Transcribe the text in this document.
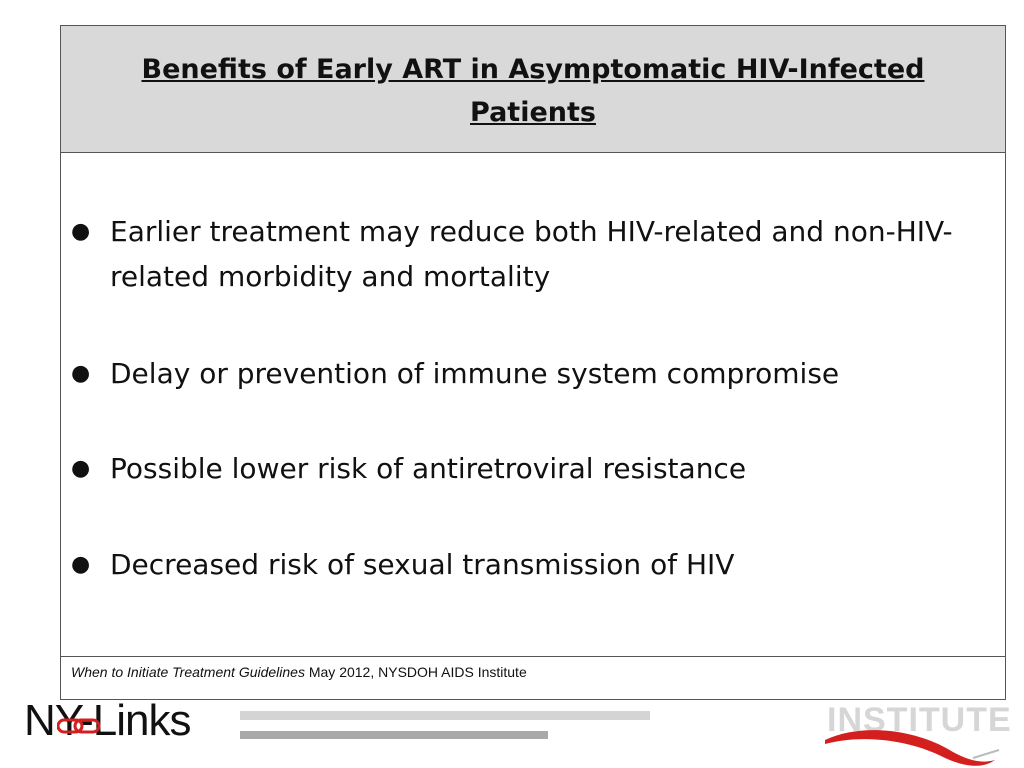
Benefits of Early ART in Asymptomatic HIV-Infected Patients
● Earlier treatment may reduce both HIV-related and non-HIV-related morbidity and mortality
● Delay or prevention of immune system compromise
● Possible lower risk of antiretroviral resistance
● Decreased risk of sexual transmission of HIV
When to Initiate Treatment Guidelines May 2012, NYSDOH AIDS Institute
NY-Links	INSTITUTE
